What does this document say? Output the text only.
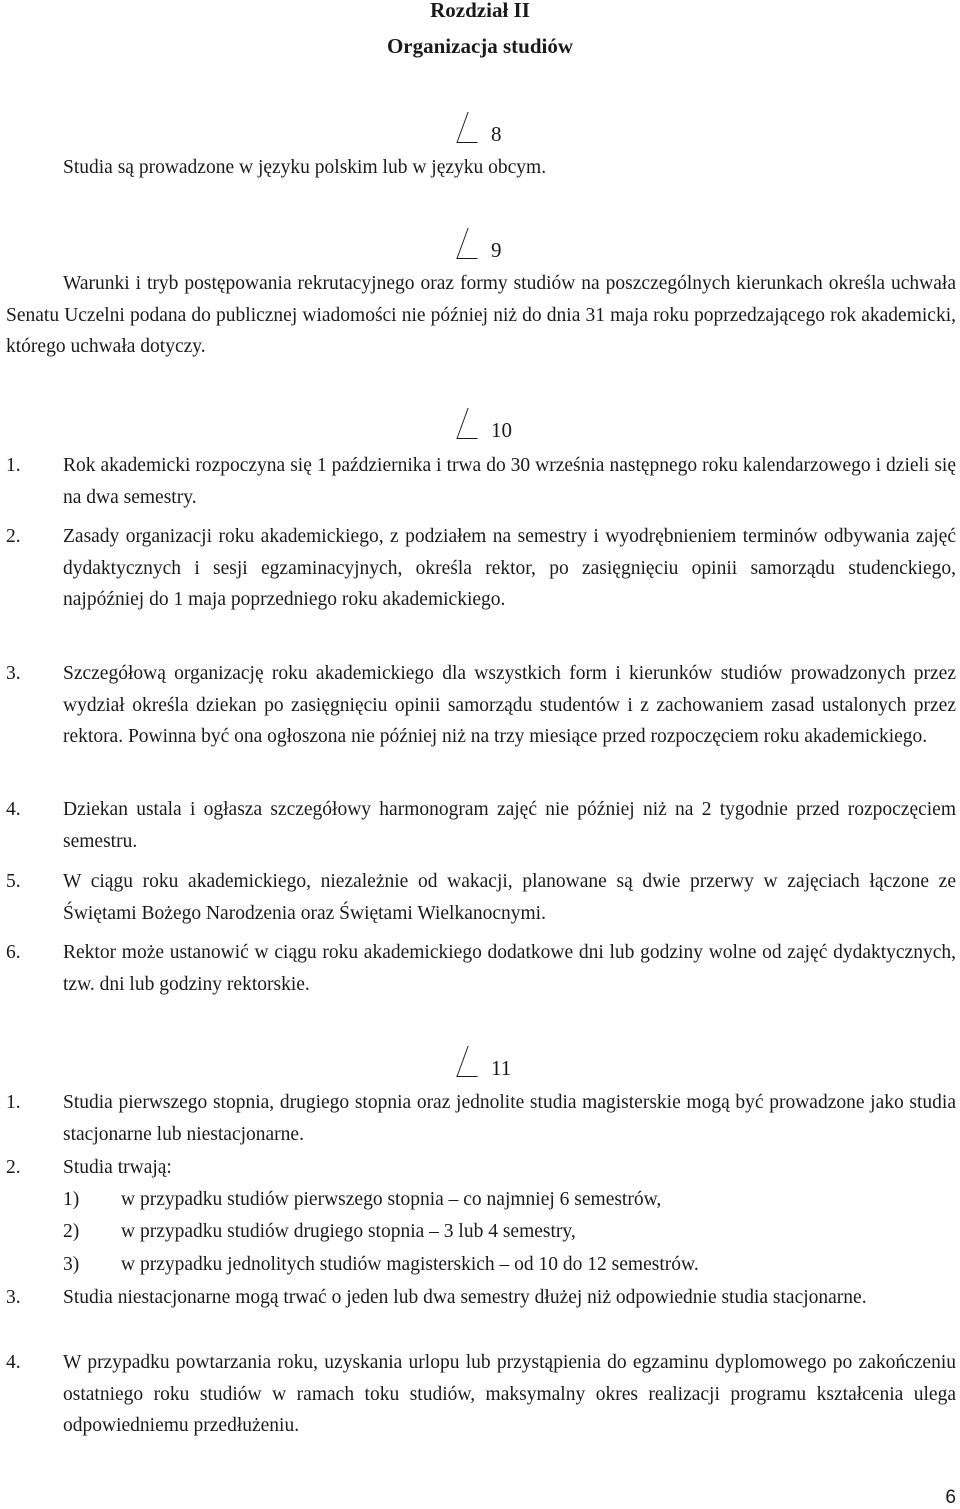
Rozdział II
Organizacja studiów
8

Studia są prowadzone w języku polskim lub w języku obcym.

9

Warunki i tryb postępowania rekrutacyjnego oraz formy studiów na poszczególnych kierunkach określa uchwała Senatu Uczelni podana do publicznej wiadomości nie później niż do dnia 31 maja roku poprzedzającego rok akademicki, którego uchwała dotyczy.

10
1. Rok akademicki rozpoczyna się 1 października i trwa do 30 września następnego roku kalendarzowego i dzieli się na dwa semestry.
2. Zasady organizacji roku akademickiego, z podziałem na semestry i wyodrębnieniem terminów odbywania zajęć dydaktycznych i sesji egzaminacyjnych, określa rektor, po zasięgnięciu opinii samorządu studenckiego, najpóźniej do 1 maja poprzedniego roku akademickiego.
3. Szczegółową organizację roku akademickiego dla wszystkich form i kierunków studiów prowadzonych przez wydział określa dziekan po zasięgnięciu opinii samorządu studentów i z zachowaniem zasad ustalonych przez rektora. Powinna być ona ogłoszona nie później niż na trzy miesiące przed rozpoczęciem roku akademickiego.
4. Dziekan ustala i ogłasza szczegółowy harmonogram zajęć nie później niż na 2 tygodnie przed rozpoczęciem semestru.
5. W ciągu roku akademickiego, niezależnie od wakacji, planowane są dwie przerwy w zajęciach łączone ze Świętami Bożego Narodzenia oraz Świętami Wielkanocnymi.
6. Rektor może ustanowić w ciągu roku akademickiego dodatkowe dni lub godziny wolne od zajęć dydaktycznych, tzw. dni lub godziny rektorskie.
11
1. Studia pierwszego stopnia, drugiego stopnia oraz jednolite studia magisterskie mogą być prowadzone jako studia stacjonarne lub niestacjonarne.
2. Studia trwają:
1) w przypadku studiów pierwszego stopnia – co najmniej 6 semestrów,
2) w przypadku studiów drugiego stopnia – 3 lub 4 semestry,
3) w przypadku jednolitych studiów magisterskich – od 10 do 12 semestrów.
3. Studia niestacjonarne mogą trwać o jeden lub dwa semestry dłużej niż odpowiednie studia stacjonarne.
4. W przypadku powtarzania roku, uzyskania urlopu lub przystąpienia do egzaminu dyplomowego po zakończeniu ostatniego roku studiów w ramach toku studiów, maksymalny okres realizacji programu kształcenia ulega odpowiedniemu przedłużeniu.
6
